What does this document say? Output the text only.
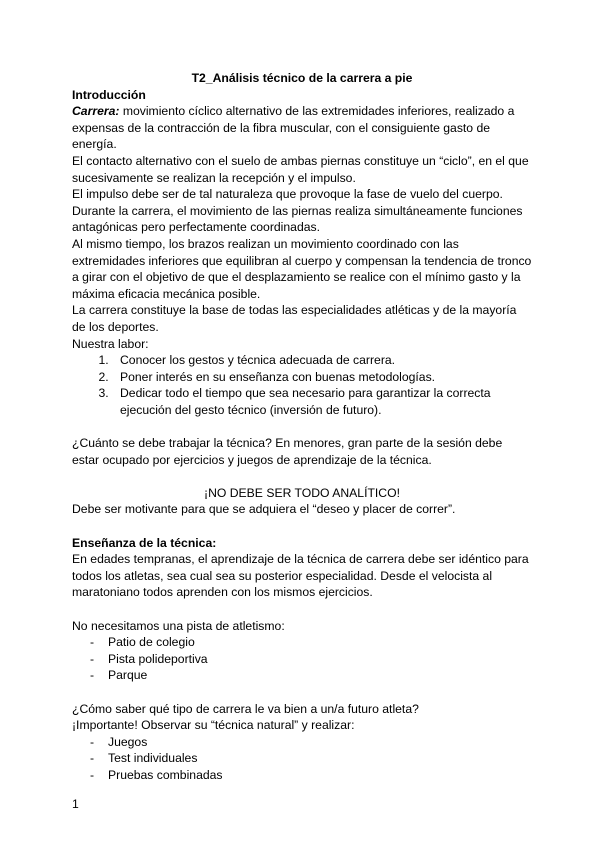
T2_Análisis técnico de la carrera a pie

Introducción

Carrera: movimiento cíclico alternativo de las extremidades inferiores, realizado a expensas de la contracción de la fibra muscular, con el consiguiente gasto de energía.

El contacto alternativo con el suelo de ambas piernas constituye un “ciclo”, en el que sucesivamente se realizan la recepción y el impulso.

El impulso debe ser de tal naturaleza que provoque la fase de vuelo del cuerpo.

Durante la carrera, el movimiento de las piernas realiza simultáneamente funciones antagónicas pero perfectamente coordinadas.

Al mismo tiempo, los brazos realizan un movimiento coordinado con las extremidades inferiores que equilibran al cuerpo y compensan la tendencia de tronco a girar con el objetivo de que el desplazamiento se realice con el mínimo gasto y la máxima eficacia mecánica posible.

La carrera constituye la base de todas las especialidades atléticas y de la mayoría de los deportes.

Nuestra labor:

1. Conocer los gestos y técnica adecuada de carrera.
2. Poner interés en su enseñanza con buenas metodologías.
3. Dedicar todo el tiempo que sea necesario para garantizar la correcta ejecución del gesto técnico (inversión de futuro).

¿Cuánto se debe trabajar la técnica? En menores, gran parte de la sesión debe estar ocupado por ejercicios y juegos de aprendizaje de la técnica.

¡NO DEBE SER TODO ANALÍTICO!

Debe ser motivante para que se adquiera el “deseo y placer de correr”.

Enseñanza de la técnica:

En edades tempranas, el aprendizaje de la técnica de carrera debe ser idéntico para todos los atletas, sea cual sea su posterior especialidad. Desde el velocista al maratoniano todos aprenden con los mismos ejercicios.

No necesitamos una pista de atletismo:

- Patio de colegio
- Pista polideportiva
- Parque

¿Cómo saber qué tipo de carrera le va bien a un/a futuro atleta?

¡Importante! Observar su “técnica natural” y realizar:

- Juegos
- Test individuales
- Pruebas combinadas

1
